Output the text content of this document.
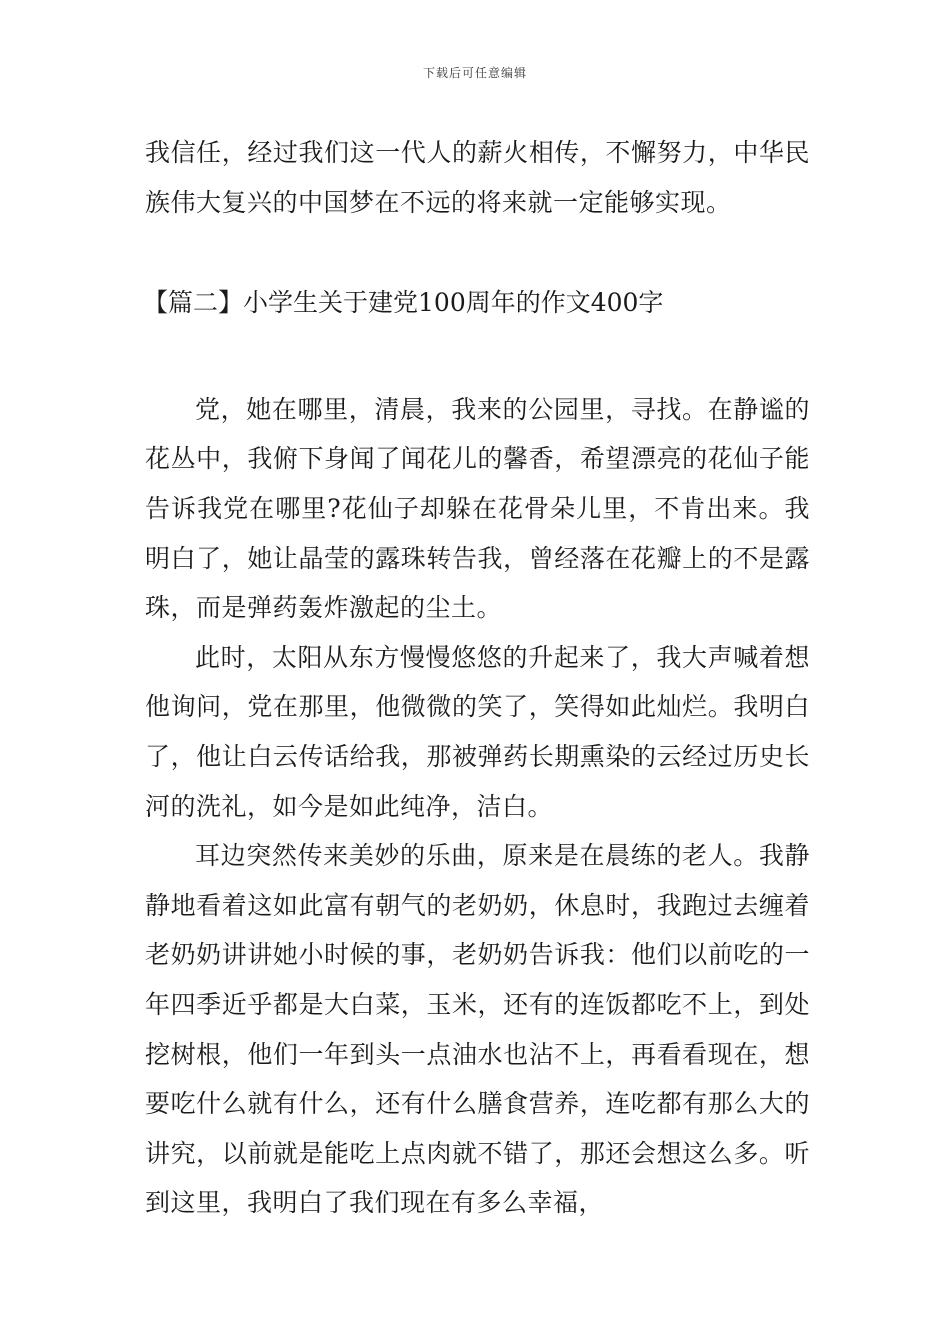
下载后可任意编辑

我信任，经过我们这一代人的薪火相传，不懈努力，中华民族伟大复兴的中国梦在不远的将来就一定能够实现。

【篇二】小学生关于建党100周年的作文400字

党，她在哪里，清晨，我来的公园里，寻找。在静谧的花丛中，我俯下身闻了闻花儿的馨香，希望漂亮的花仙子能告诉我党在哪里?花仙子却躲在花骨朵儿里，不肯出来。我明白了，她让晶莹的露珠转告我，曾经落在花瓣上的不是露珠，而是弹药轰炸激起的尘土。

此时，太阳从东方慢慢悠悠的升起来了，我大声喊着想他询问，党在那里，他微微的笑了，笑得如此灿烂。我明白了，他让白云传话给我，那被弹药长期熏染的云经过历史长河的洗礼，如今是如此纯净，洁白。

耳边突然传来美妙的乐曲，原来是在晨练的老人。我静静地看着这如此富有朝气的老奶奶，休息时，我跑过去缠着老奶奶讲讲她小时候的事，老奶奶告诉我：他们以前吃的一年四季近乎都是大白菜，玉米，还有的连饭都吃不上，到处挖树根，他们一年到头一点油水也沾不上，再看看现在，想要吃什么就有什么，还有什么膳食营养，连吃都有那么大的讲究，以前就是能吃上点肉就不错了，那还会想这么多。听到这里，我明白了我们现在有多么幸福，
